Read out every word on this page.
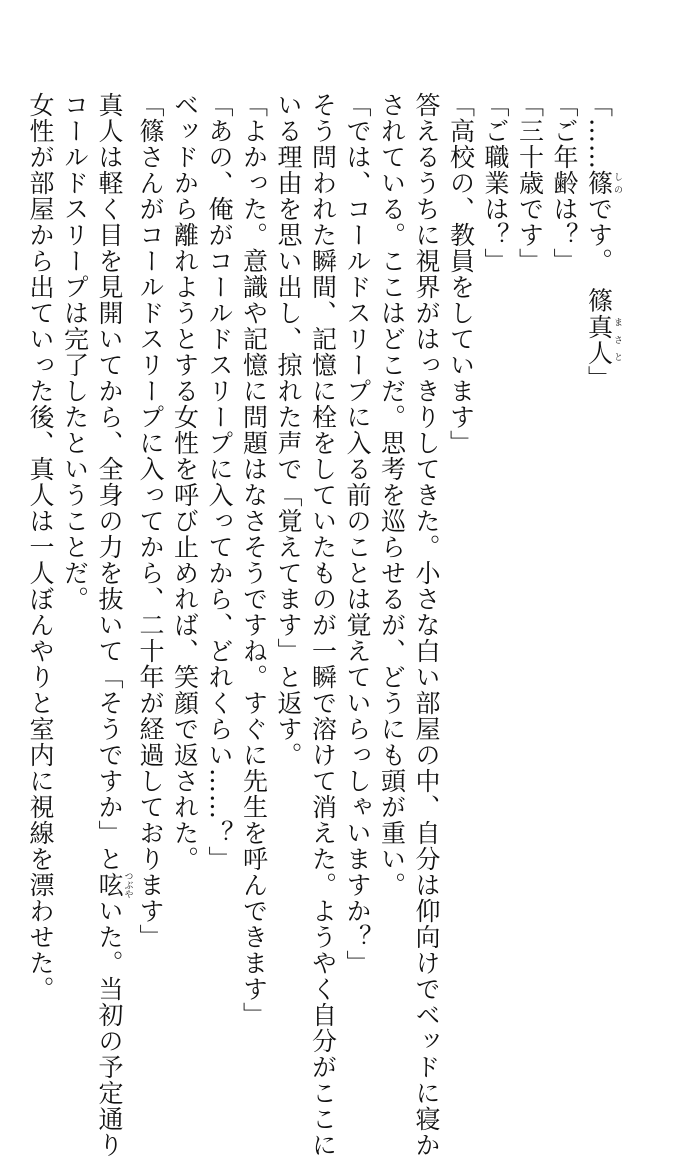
「……篠しのです。　篠真人まさと」
「ご年齢は？」
「三十歳です」
「ご職業は？」
「高校の、教員をしています」
答えるうちに視界がはっきりしてきた。小さな白い部屋の中、自分は仰向けでベッドに寝か
されている。ここはどこだ。思考を巡らせるが、どうにも頭が重い。
「では、コールドスリープに入る前のことは覚えていらっしゃいますか？」
そう問われた瞬間、記憶に栓をしていたものが一瞬で溶けて消えた。ようやく自分がここに
いる理由を思い出し、掠れた声で「覚えてます」と返す。
「よかった。意識や記憶に問題はなさそうですね。すぐに先生を呼んできます」
「あの、俺がコールドスリープに入ってから、どれくらい……？」
ベッドから離れようとする女性を呼び止めれば、笑顔で返された。
「篠さんがコールドスリープに入ってから、二十年が経過しております」
真人は軽く目を見開いてから、全身の力を抜いて「そうですか」と呟つぶやいた。当初の予定通り
コールドスリープは完了したということだ。
女性が部屋から出ていった後、真人は一人ぼんやりと室内に視線を漂わせた。
